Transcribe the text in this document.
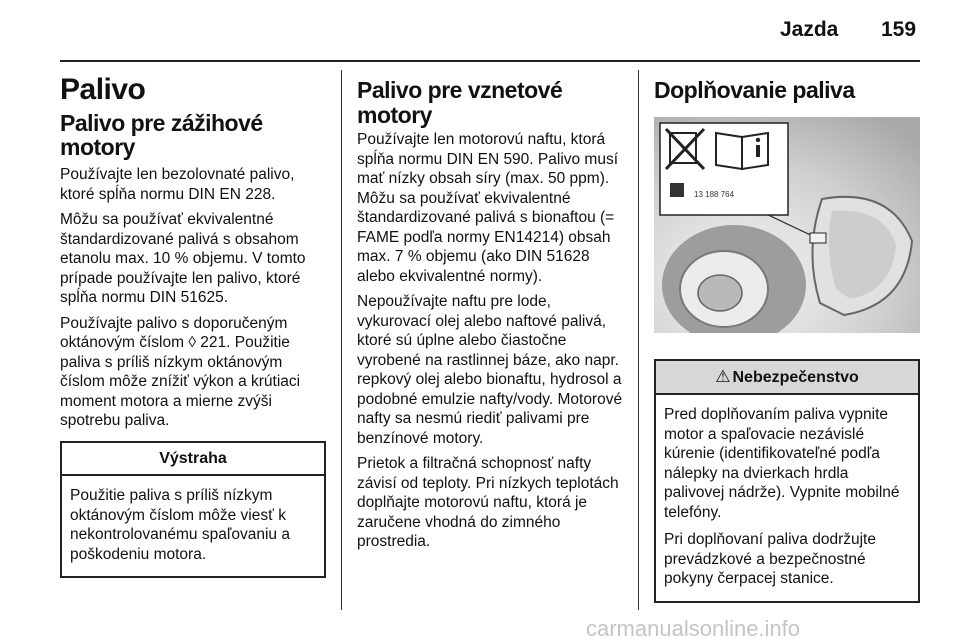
Jazda 159
Palivo
Palivo pre zážihové motory

Používajte len bezolovnaté palivo, ktoré spĺňa normu DIN EN 228.

Môžu sa používať ekvivalentné štandardizované palivá s obsahom etanolu max. 10 % objemu. V tomto prípade používajte len palivo, ktoré spĺňa normu DIN 51625.

Používajte palivo s doporučeným oktánovým číslom ◊ 221. Použitie paliva s príliš nízkym oktánovým číslom môže znížiť výkon a krútiaci moment motora a mierne zvýši spotrebu paliva.

Výstraha

Použitie paliva s príliš nízkym oktánovým číslom môže viesť k nekontrolovanému spaľovaniu a poškodeniu motora.

Palivo pre vznetové motory

Používajte len motorovú naftu, ktorá spĺňa normu DIN EN 590. Palivo musí mať nízky obsah síry (max. 50 ppm). Môžu sa používať ekvivalentné štandardizované palivá s bionaftou (= FAME podľa normy EN14214) obsah max. 7 % objemu (ako DIN 51628 alebo ekvivalentné normy).

Nepoužívajte naftu pre lode, vykurovací olej alebo naftové palivá, ktoré sú úplne alebo čiastočne vyrobené na rastlinnej báze, ako napr. repkový olej alebo bionaftu, hydrosol a podobné emulzie nafty/vody. Motorové nafty sa nesmú riediť palivami pre benzínové motory.

Prietok a filtračná schopnosť nafty závisí od teploty. Pri nízkych teplotách doplňajte motorovú naftu, ktorá je zaručene vhodná do zimného prostredia.

Doplňovanie paliva
13 188 764
⚠ Nebezpečenstvo

Pred doplňovaním paliva vypnite motor a spaľovacie nezávislé kúrenie (identifikovateľné podľa nálepky na dvierkach hrdla palivovej nádrže). Vypnite mobilné telefóny.

Pri doplňovaní paliva dodržujte prevádzkové a bezpečnostné pokyny čerpacej stanice.

carmanualsonline.info
